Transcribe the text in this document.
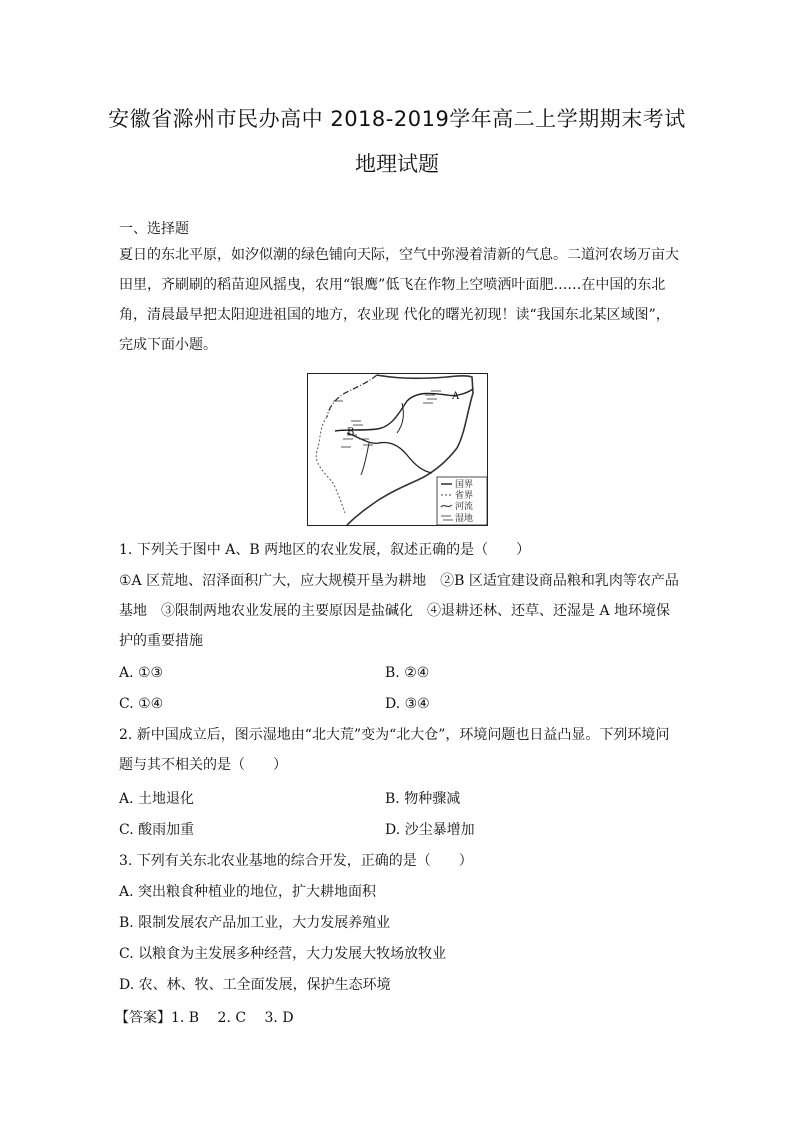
安徽省滁州市民办高中 2018-2019学年高二上学期期末考试
地理试题
一、选择题
夏日的东北平原，如汐似潮的绿色铺向天际，空气中弥漫着清新的气息。二道河农场万亩大田里，齐刷刷的稻苗迎风摇曳，农用“银鹰”低飞在作物上空喷洒叶面肥……在中国的东北角，清晨最早把太阳迎进祖国的地方，农业现 代化的曙光初现！读“我国东北某区域图”，完成下面小题。
A
B
国界
省界
河流
湿地
1. 下列关于图中 A、B 两地区的农业发展，叙述正确的是（　　）
①A 区荒地、沼泽面积广大，应大规模开垦为耕地　②B 区适宜建设商品粮和乳肉等农产品基地　③限制两地农业发展的主要原因是盐碱化　④退耕还林、还草、还湿是 A 地环境保护的重要措施
A. ①③	B. ②④
C. ①④	D. ③④
2. 新中国成立后，图示湿地由“北大荒”变为“北大仓”，环境问题也日益凸显。下列环境问题与其不相关的是（　　）
A. 土地退化	B. 物种骤减
C. 酸雨加重	D. 沙尘暴增加
3. 下列有关东北农业基地的综合开发，正确的是（　　）
A. 突出粮食种植业的地位，扩大耕地面积
B. 限制发展农产品加工业，大力发展养殖业
C. 以粮食为主发展多种经营，大力发展大牧场放牧业
D. 农、林、牧、工全面发展，保护生态环境
【答案】1. B　 2. C　 3. D
